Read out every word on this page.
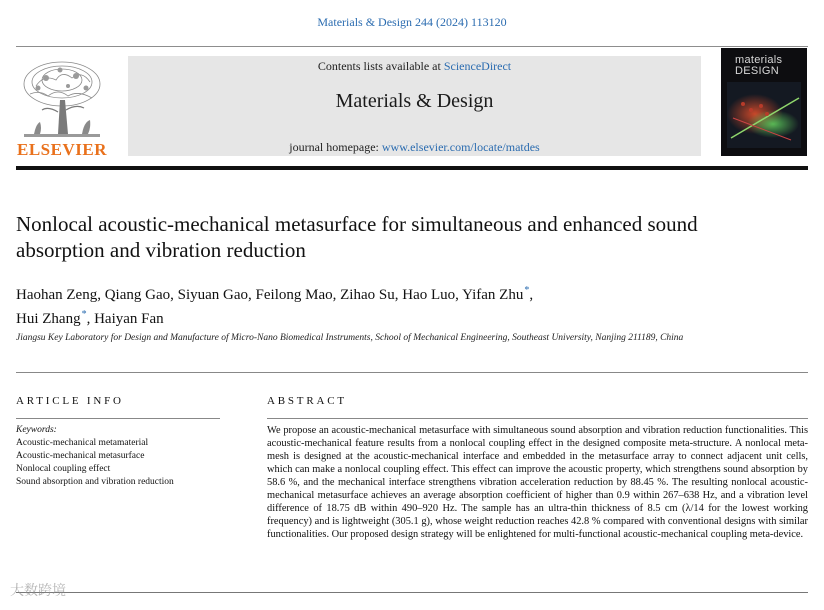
Materials & Design 244 (2024) 113120
ELSEVIER
Contents lists available at ScienceDirect
Materials & Design
journal homepage: www.elsevier.com/locate/matdes
materials
DESIGN
Nonlocal acoustic-mechanical metasurface for simultaneous and enhanced sound absorption and vibration reduction
Haohan Zeng, Qiang Gao, Siyuan Gao, Feilong Mao, Zihao Su, Hao Luo, Yifan Zhu*,
Hui Zhang*, Haiyan Fan
Jiangsu Key Laboratory for Design and Manufacture of Micro-Nano Biomedical Instruments, School of Mechanical Engineering, Southeast University, Nanjing 211189, China
ARTICLE INFO
Keywords:
Acoustic-mechanical metamaterial
Acoustic-mechanical metasurface
Nonlocal coupling effect
Sound absorption and vibration reduction
ABSTRACT
We propose an acoustic-mechanical metasurface with simultaneous sound absorption and vibration reduction functionalities. This acoustic-mechanical feature results from a nonlocal coupling effect in the designed composite meta-structure. A nonlocal meta-mesh is designed at the acoustic-mechanical interface and embedded in the metasurface array to connect adjacent unit cells, which can make a nonlocal coupling effect. This effect can improve the acoustic property, which strengthens sound absorption by 58.6 %, and the mechanical interface strengthens vibration acceleration reduction by 88.45 %. The resulting nonlocal acoustic-mechanical metasurface achieves an average absorption coefficient of higher than 0.9 within 267–638 Hz, and a vibration level difference of 18.75 dB within 490–920 Hz. The sample has an ultra-thin thickness of 8.5 cm (λ/14 for the lowest working frequency) and is lightweight (305.1 g), whose weight reduction reaches 42.8 % compared with conventional designs with similar functionalities. Our proposed design strategy will be enlightened for multi-functional acoustic-mechanical coupling meta-device.
大数跨境
